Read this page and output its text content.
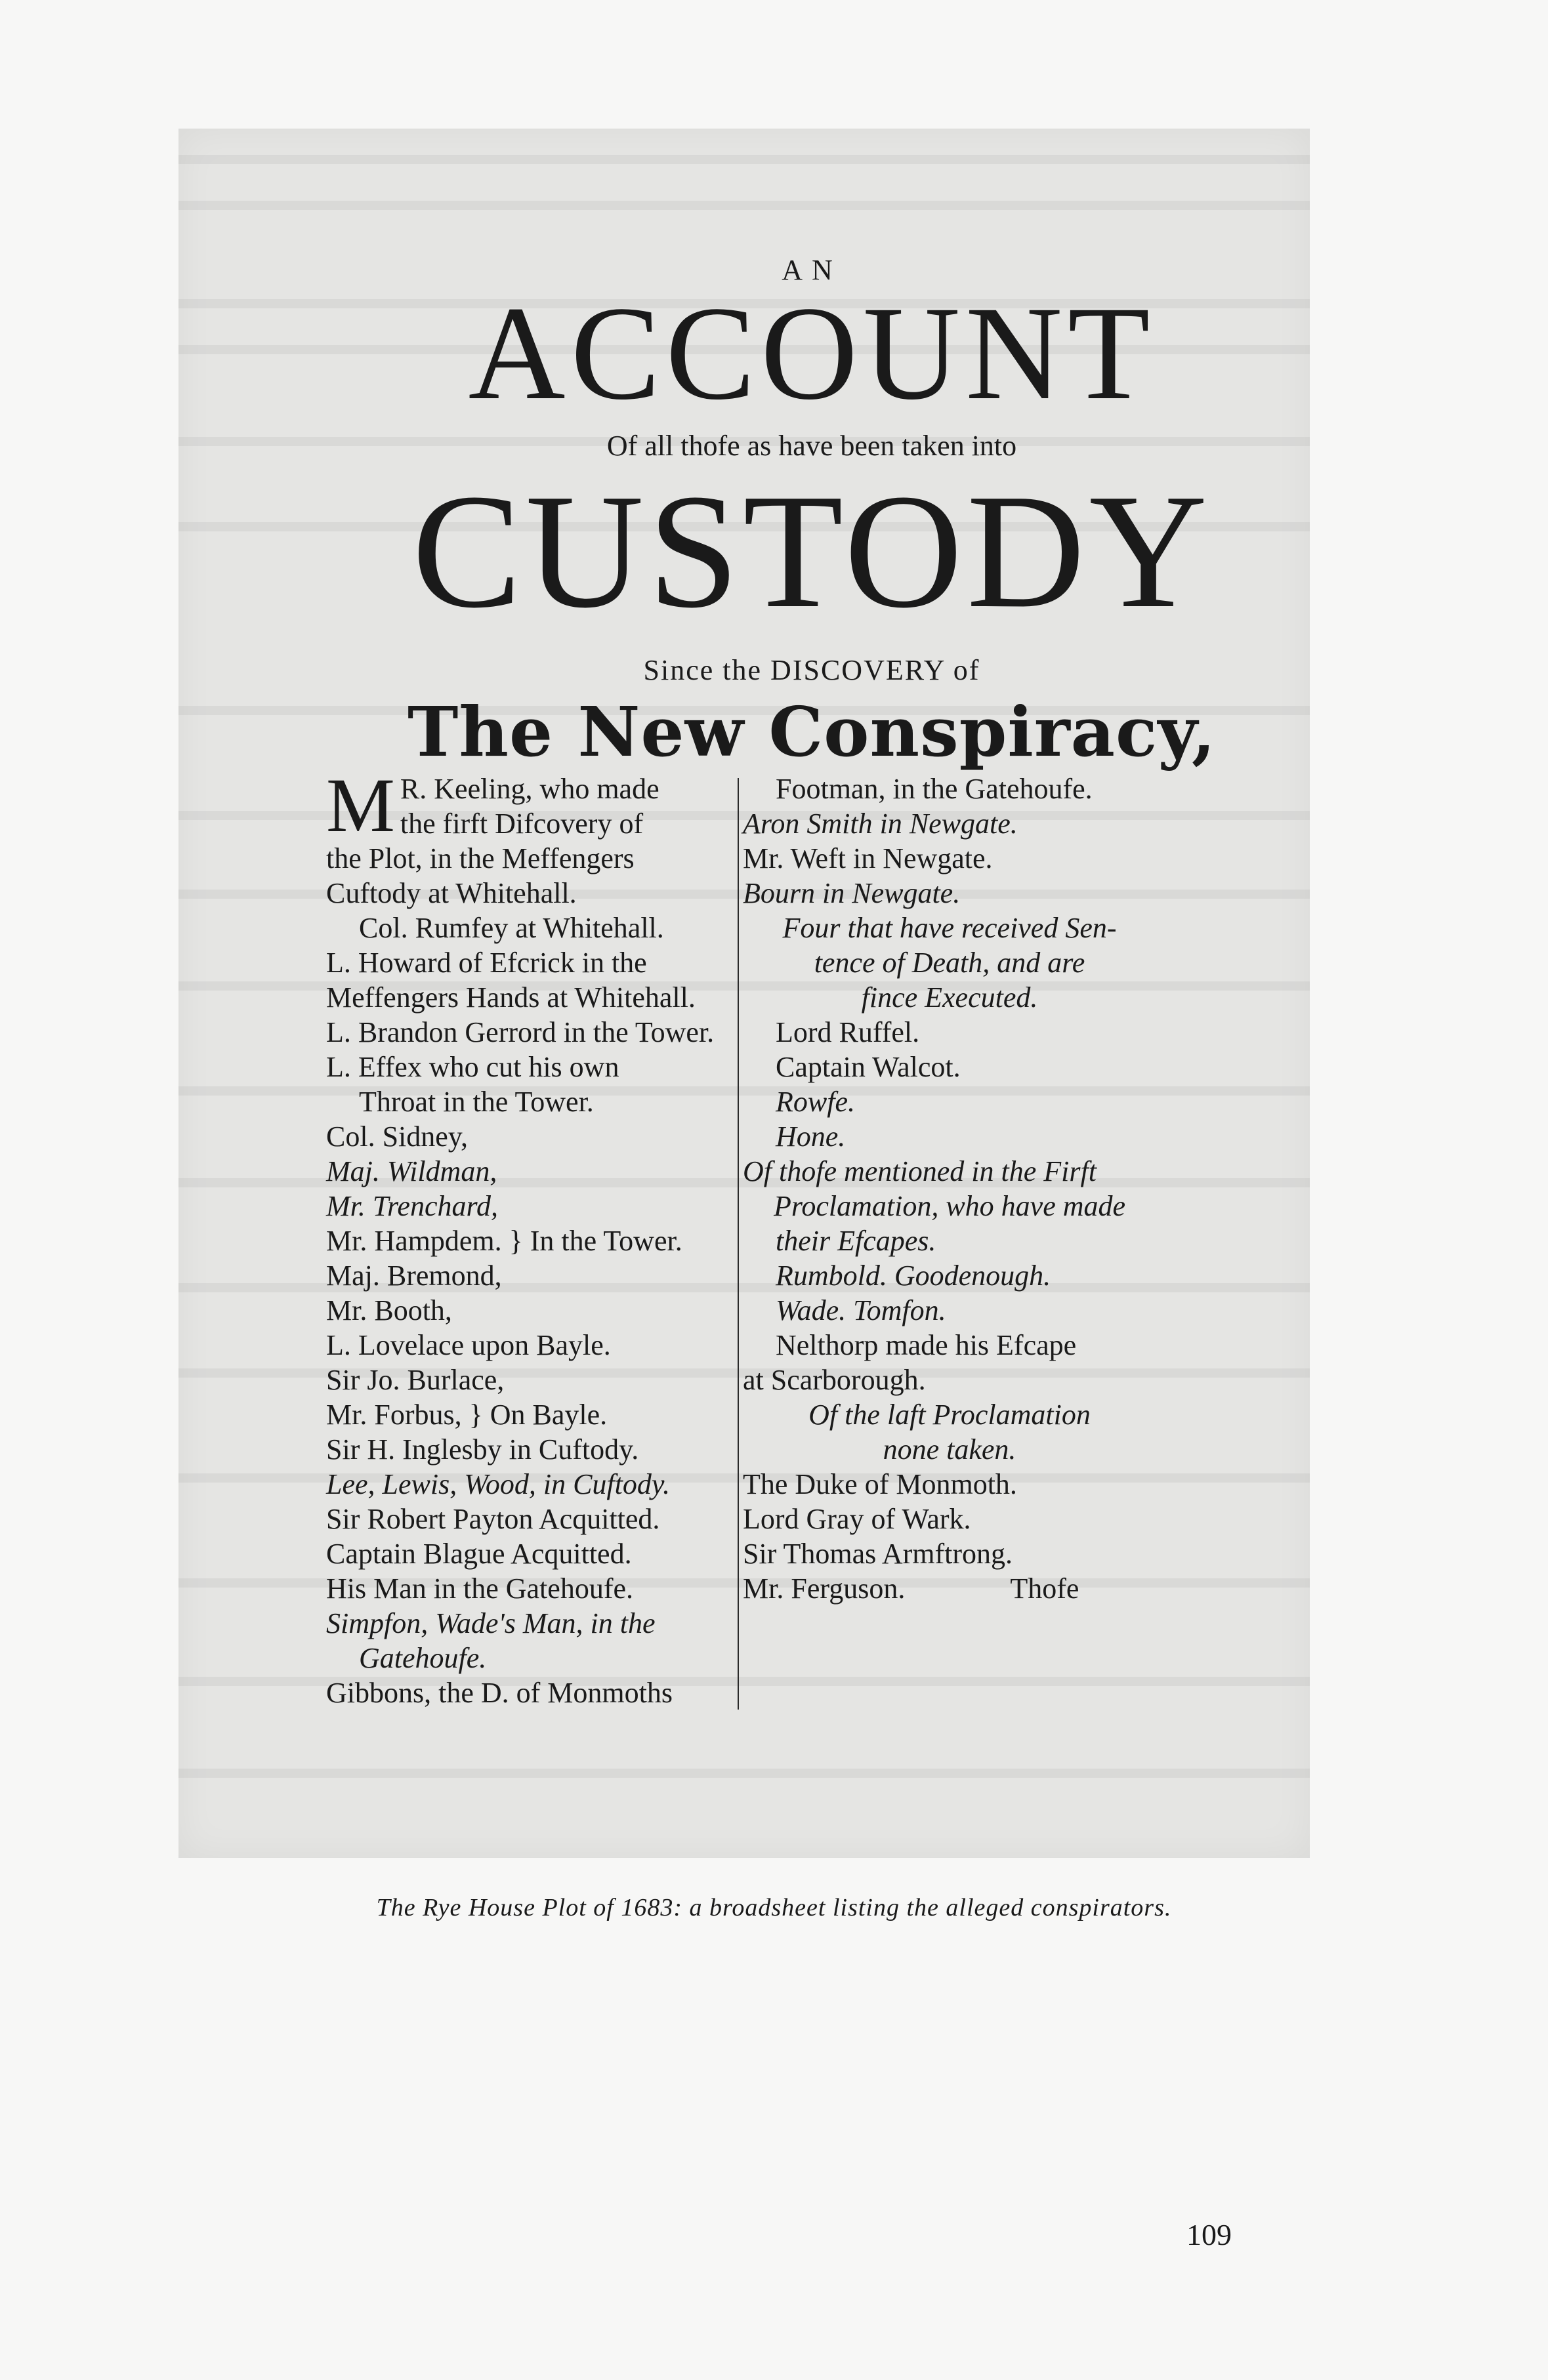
AN
ACCOUNT
Of all thofe as have been taken into
CUSTODY
Since the DISCOVERY of
The New Conspiracy,
M R. Keeling, who made
the firft Difcovery of
the Plot, in the Meffengers
Cuftody at Whitehall.
Col. Rumfey at Whitehall.
L. Howard of Efcrick in the
Meffengers Hands at Whitehall.
L. Brandon Gerrord in the Tower.
L. Effex who cut his own
Throat in the Tower.
Col. Sidney,
Maj. Wildman,
Mr. Trenchard,
Mr. Hampdem. } In the Tower.
Maj. Bremond,
Mr. Booth,
L. Lovelace upon Bayle.
Sir Jo. Burlace,
Mr. Forbus, } On Bayle.
Sir H. Inglesby in Cuftody.
Lee, Lewis, Wood, in Cuftody.
Sir Robert Payton Acquitted.
Captain Blague Acquitted.
His Man in the Gatehoufe.
Simpfon, Wade's Man, in the
Gatehoufe.
Gibbons, the D. of Monmoths
Footman, in the Gatehoufe.
Aron Smith in Newgate.
Mr. Weft in Newgate.
Bourn in Newgate.
Four that have received Sen-
tence of Death, and are
fince Executed.
Lord Ruffel.
Captain Walcot.
Rowfe.
Hone.
Of thofe mentioned in the Firft
Proclamation, who have made
their Efcapes.
Rumbold. Goodenough.
Wade. Tomfon.
Nelthorp made his Efcape
at Scarborough.
Of the laft Proclamation
none taken.
The Duke of Monmoth.
Lord Gray of Wark.
Sir Thomas Armftrong.
Mr. Ferguson.	Thofe
The Rye House Plot of 1683: a broadsheet listing the alleged conspirators.
109
